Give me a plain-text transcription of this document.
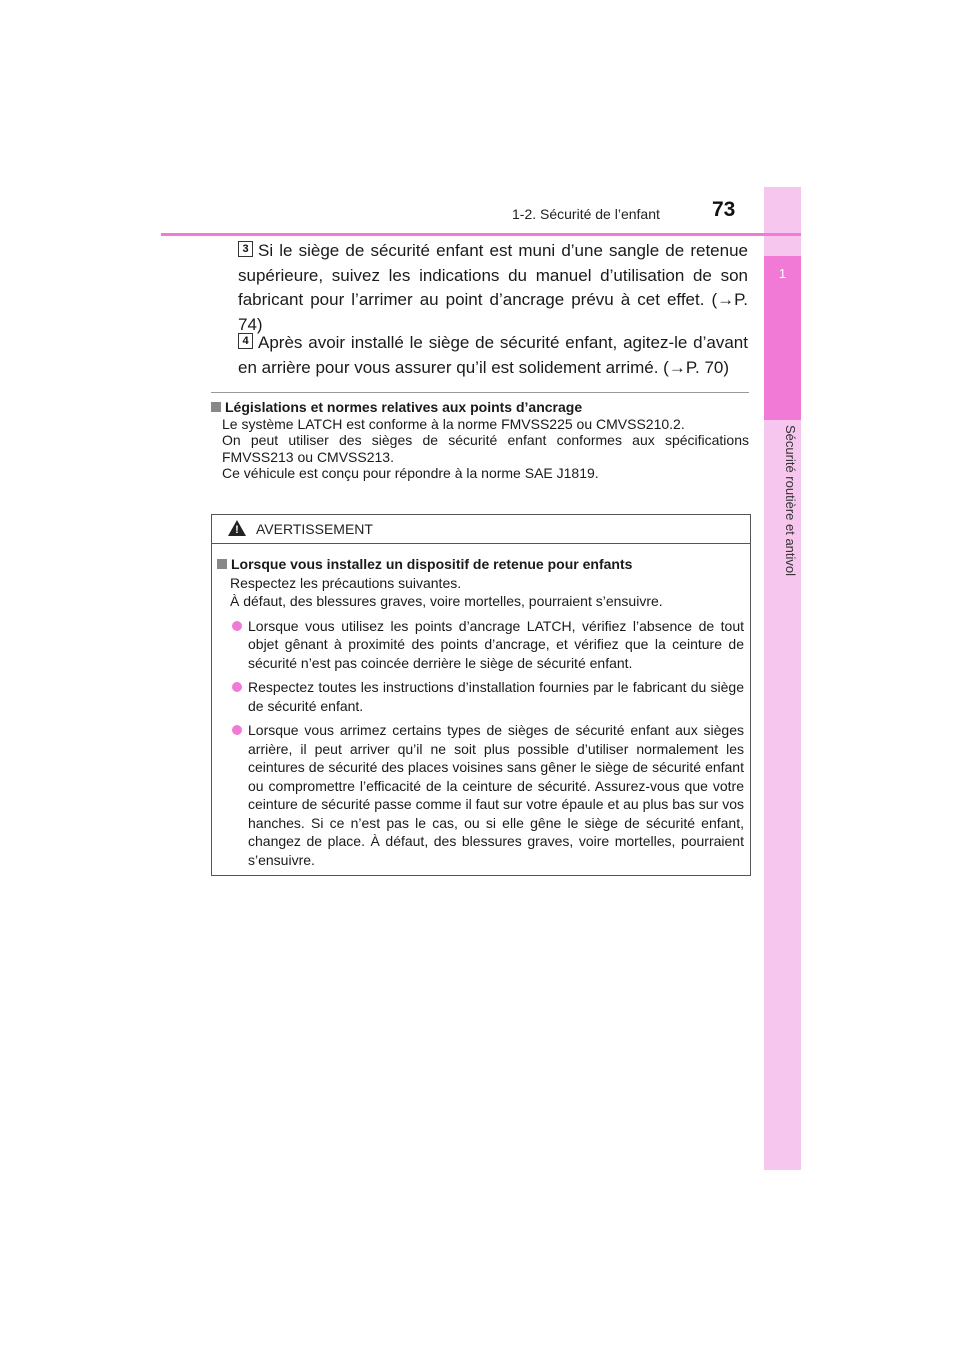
1
Sécurité routière et antivol
1-2. Sécurité de l’enfant 73
3 Si le siège de sécurité enfant est muni d’une sangle de retenue supérieure, suivez les indications du manuel d’utilisation de son fabricant pour l’arrimer au point d’ancrage prévu à cet effet. (→P. 74)
4 Après avoir installé le siège de sécurité enfant, agitez-le d’avant en arrière pour vous assurer qu’il est solidement arrimé. (→P. 70)
Législations et normes relatives aux points d’ancrage
Le système LATCH est conforme à la norme FMVSS225 ou CMVSS210.2.
On peut utiliser des sièges de sécurité enfant conformes aux spécifications FMVSS213 ou CMVSS213.
Ce véhicule est conçu pour répondre à la norme SAE J1819.
! AVERTISSEMENT
Lorsque vous installez un dispositif de retenue pour enfants
Respectez les précautions suivantes.
À défaut, des blessures graves, voire mortelles, pourraient s’ensuivre.
Lorsque vous utilisez les points d’ancrage LATCH, vérifiez l’absence de tout objet gênant à proximité des points d’ancrage, et vérifiez que la ceinture de sécurité n’est pas coincée derrière le siège de sécurité enfant.
Respectez toutes les instructions d’installation fournies par le fabricant du siège de sécurité enfant.
Lorsque vous arrimez certains types de sièges de sécurité enfant aux sièges arrière, il peut arriver qu’il ne soit plus possible d’utiliser normalement les ceintures de sécurité des places voisines sans gêner le siège de sécurité enfant ou compromettre l’efficacité de la ceinture de sécurité. Assurez-vous que votre ceinture de sécurité passe comme il faut sur votre épaule et au plus bas sur vos hanches. Si ce n’est pas le cas, ou si elle gêne le siège de sécurité enfant, changez de place. À défaut, des blessures graves, voire mortelles, pourraient s’ensuivre.
